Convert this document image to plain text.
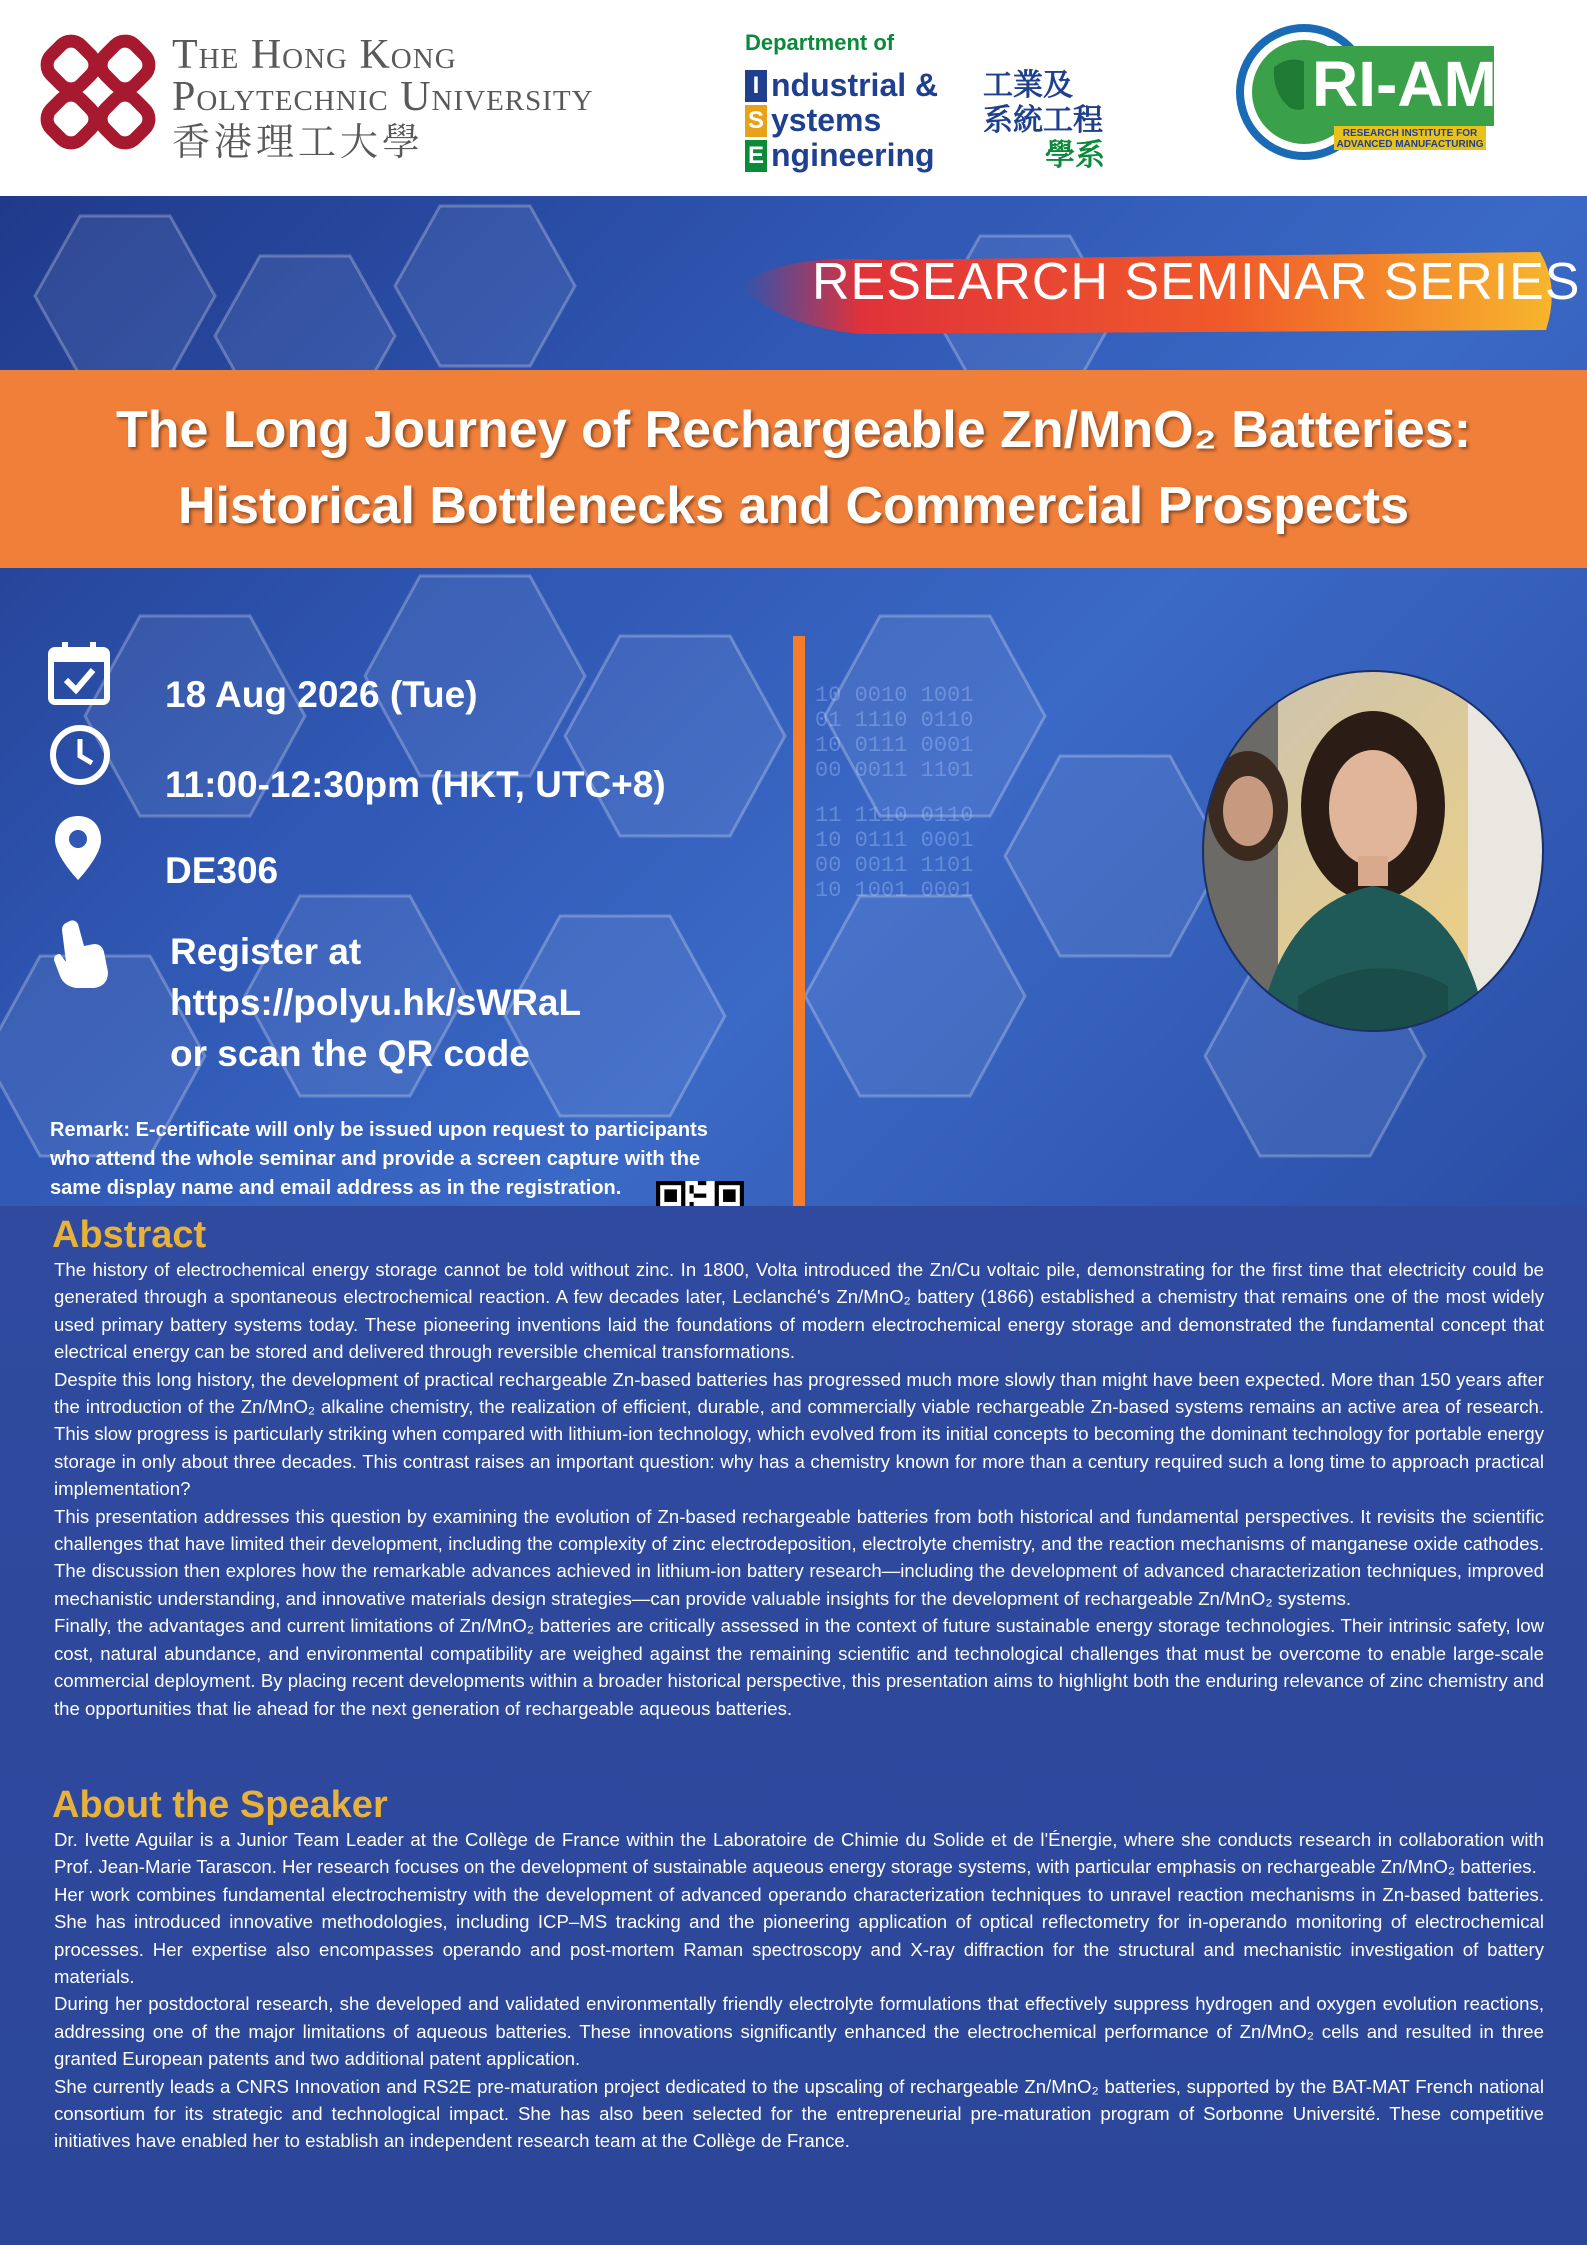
The Hong Kong
Polytechnic University
香港理工大學
Department of
I
S
E
ndustrial &
ystems
ngineering
工業及
系統工程
學系
RI-AM
RESEARCH INSTITUTE FOR
ADVANCED MANUFACTURING
10 0010 1001
01 1110 0110
10 0111 0001
00 0011 1101
11 1110 0110
10 0111 0001
00 0011 1101
10 1001 0001
RESEARCH SEMINAR SERIES
The Long Journey of Rechargeable Zn/MnO₂ Batteries:
Historical Bottlenecks and Commercial Prospects
18 Aug 2026 (Tue)
11:00-12:30pm (HKT, UTC+8)
DE306
Register at
https://polyu.hk/sWRaL
or scan the QR code
Remark: E-certificate will only be issued upon request to participants
who attend the whole seminar and provide a screen capture with the
same display name and email address as in the registration.
Abstract

The history of electrochemical energy storage cannot be told without zinc. In 1800, Volta introduced the Zn/Cu voltaic pile, demonstrating for the first time that electricity could be generated through a spontaneous electrochemical reaction. A few decades later, Leclanché's Zn/MnO₂ battery (1866) established a chemistry that remains one of the most widely used primary battery systems today. These pioneering inventions laid the foundations of modern electrochemical energy storage and demonstrated the fundamental concept that electrical energy can be stored and delivered through reversible chemical transformations.

Despite this long history, the development of practical rechargeable Zn-based batteries has progressed much more slowly than might have been expected. More than 150 years after the introduction of the Zn/MnO₂ alkaline chemistry, the realization of efficient, durable, and commercially viable rechargeable Zn-based systems remains an active area of research. This slow progress is particularly striking when compared with lithium-ion technology, which evolved from its initial concepts to becoming the dominant technology for portable energy storage in only about three decades. This contrast raises an important question: why has a chemistry known for more than a century required such a long time to approach practical implementation?

This presentation addresses this question by examining the evolution of Zn-based rechargeable batteries from both historical and fundamental perspectives. It revisits the scientific challenges that have limited their development, including the complexity of zinc electrodeposition, electrolyte chemistry, and the reaction mechanisms of manganese oxide cathodes. The discussion then explores how the remarkable advances achieved in lithium-ion battery research—including the development of advanced characterization techniques, improved mechanistic understanding, and innovative materials design strategies—can provide valuable insights for the development of rechargeable Zn/MnO₂ systems.

Finally, the advantages and current limitations of Zn/MnO₂ batteries are critically assessed in the context of future sustainable energy storage technologies. Their intrinsic safety, low cost, natural abundance, and environmental compatibility are weighed against the remaining scientific and technological challenges that must be overcome to enable large-scale commercial deployment. By placing recent developments within a broader historical perspective, this presentation aims to highlight both the enduring relevance of zinc chemistry and the opportunities that lie ahead for the next generation of rechargeable aqueous batteries.

About the Speaker

Dr. Ivette Aguilar is a Junior Team Leader at the Collège de France within the Laboratoire de Chimie du Solide et de l'Énergie, where she conducts research in collaboration with Prof. Jean-Marie Tarascon. Her research focuses on the development of sustainable aqueous energy storage systems, with particular emphasis on rechargeable Zn/MnO₂ batteries.

Her work combines fundamental electrochemistry with the development of advanced operando characterization techniques to unravel reaction mechanisms in Zn-based batteries. She has introduced innovative methodologies, including ICP–MS tracking and the pioneering application of optical reflectometry for in-operando monitoring of electrochemical processes. Her expertise also encompasses operando and post-mortem Raman spectroscopy and X-ray diffraction for the structural and mechanistic investigation of battery materials.

During her postdoctoral research, she developed and validated environmentally friendly electrolyte formulations that effectively suppress hydrogen and oxygen evolution reactions, addressing one of the major limitations of aqueous batteries. These innovations significantly enhanced the electrochemical performance of Zn/MnO₂ cells and resulted in three granted European patents and two additional patent application.

She currently leads a CNRS Innovation and RS2E pre-maturation project dedicated to the upscaling of rechargeable Zn/MnO₂ batteries, supported by the BAT-MAT French national consortium for its strategic and technological impact. She has also been selected for the entrepreneurial pre-maturation program of Sorbonne Université. These competitive initiatives have enabled her to establish an independent research team at the Collège de France.
